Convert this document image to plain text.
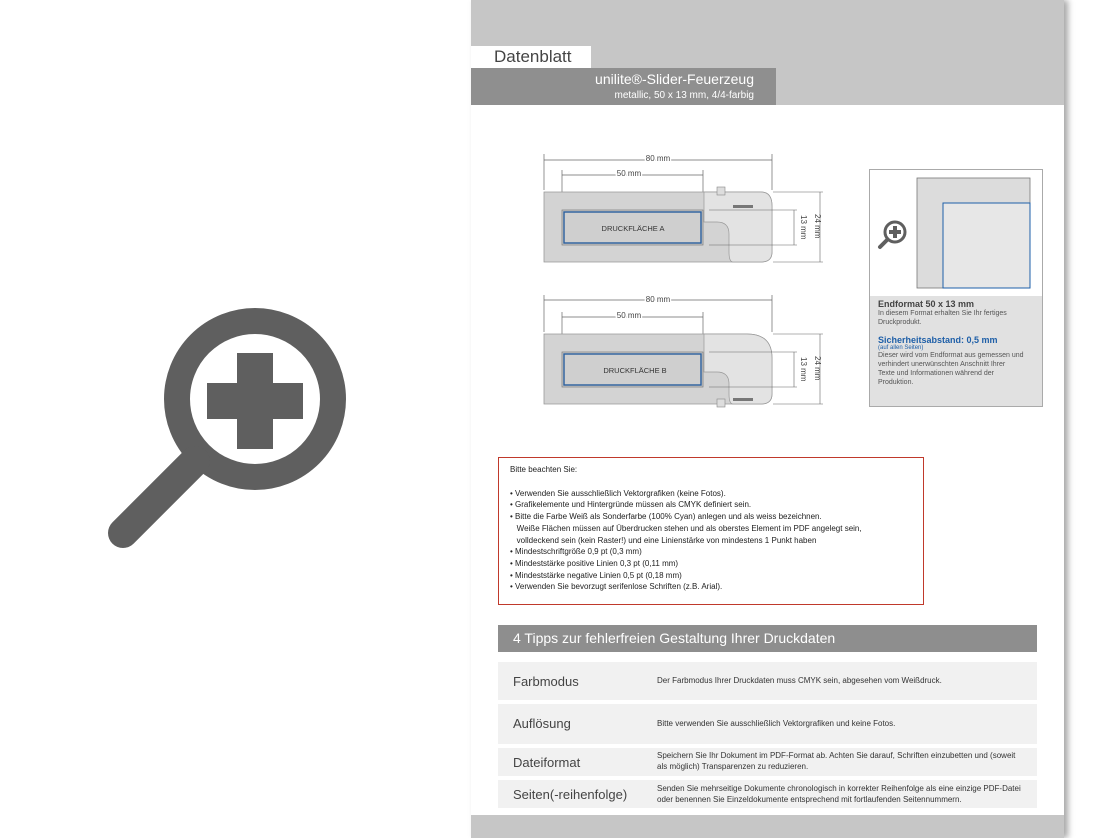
Datenblatt
unilite®-Slider-Feuerzeug
metallic, 50 x 13 mm, 4/4-farbig
80 mm
50 mm
DRUCKFLÄCHE A	13 mm 24 mm
80 mm
50 mm
DRUCKFLÄCHE B	13 mm 24 mm
Endformat 50 x 13 mm
In diesem Format erhalten Sie Ihr fertiges
Druckprodukt.
Sicherheitsabstand: 0,5 mm
(auf allen Seiten)
Dieser wird vom Endformat aus gemessen und
verhindert unerwünschten Anschnitt Ihrer
Texte und Informationen während der
Produktion.
Bitte beachten Sie:
• Verwenden Sie ausschließlich Vektorgrafiken (keine Fotos).
• Grafikelemente und Hintergründe müssen als CMYK definiert sein.
• Bitte die Farbe Weiß als Sonderfarbe (100% Cyan) anlegen und als weiss bezeichnen.
Weiße Flächen müssen auf Überdrucken stehen und als oberstes Element im PDF angelegt sein,
volldeckend sein (kein Raster!) und eine Linienstärke von mindestens 1 Punkt haben
• Mindestschriftgröße 0,9 pt (0,3 mm)
• Mindeststärke positive Linien 0,3 pt (0,11 mm)
• Mindeststärke negative Linien 0,5 pt (0,18 mm)
• Verwenden Sie bevorzugt serifenlose Schriften (z.B. Arial).
4 Tipps zur fehlerfreien Gestaltung Ihrer Druckdaten
Farbmodus	Der Farbmodus Ihrer Druckdaten muss CMYK sein, abgesehen vom Weißdruck.
Auflösung	Bitte verwenden Sie ausschließlich Vektorgrafiken und keine Fotos.
Dateiformat	Speichern Sie Ihr Dokument im PDF-Format ab. Achten Sie darauf, Schriften einzubetten und (soweit als möglich) Transparenzen zu reduzieren.
Seiten(-reihenfolge)	Senden Sie mehrseitige Dokumente chronologisch in korrekter Reihenfolge als eine einzige PDF-Datei oder benennen Sie Einzeldokumente entsprechend mit fortlaufenden Seitennummern.
